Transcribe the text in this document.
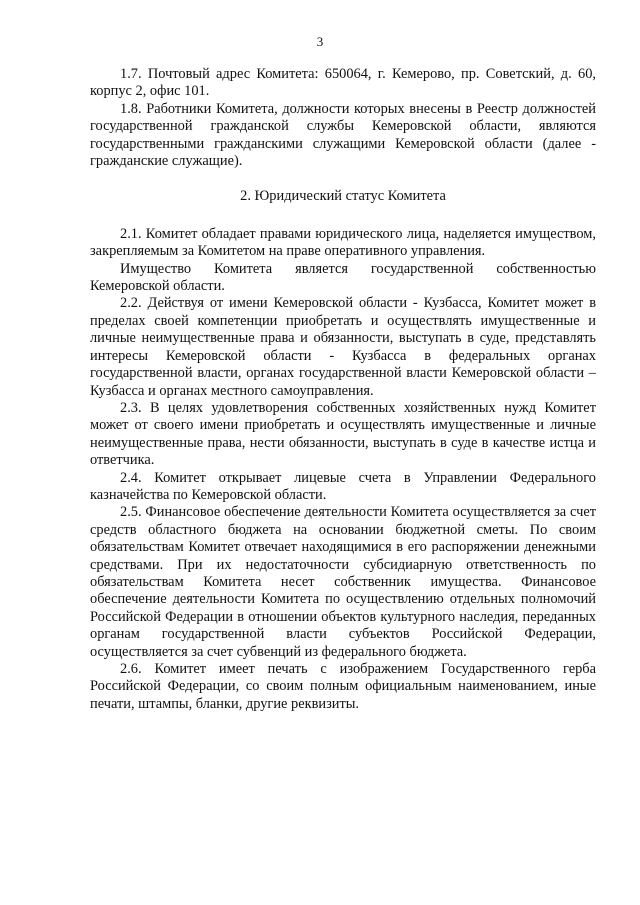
3

1.7. Почтовый адрес Комитета: 650064, г. Кемерово, пр. Советский, д. 60, корпус 2, офис 101.

1.8. Работники Комитета, должности которых внесены в Реестр должностей государственной гражданской службы Кемеровской области, являются государственными гражданскими служащими Кемеровской области (далее - гражданские служащие).

2. Юридический статус Комитета

2.1. Комитет обладает правами юридического лица, наделяется имуществом, закрепляемым за Комитетом на праве оперативного управления.

Имущество Комитета является государственной собственностью Кемеровской области.

2.2. Действуя от имени Кемеровской области - Кузбасса, Комитет может в пределах своей компетенции приобретать и осуществлять имущественные и личные неимущественные права и обязанности, выступать в суде, представлять интересы Кемеровской области - Кузбасса в федеральных органах государственной власти, органах государственной власти Кемеровской области – Кузбасса и органах местного самоуправления.

2.3. В целях удовлетворения собственных хозяйственных нужд Комитет может от своего имени приобретать и осуществлять имущественные и личные неимущественные права, нести обязанности, выступать в суде в качестве истца и ответчика.

2.4. Комитет открывает лицевые счета в Управлении Федерального казначейства по Кемеровской области.

2.5. Финансовое обеспечение деятельности Комитета осуществляется за счет средств областного бюджета на основании бюджетной сметы. По своим обязательствам Комитет отвечает находящимися в его распоряжении денежными средствами. При их недостаточности субсидиарную ответственность по обязательствам Комитета несет собственник имущества. Финансовое обеспечение деятельности Комитета по осуществлению отдельных полномочий Российской Федерации в отношении объектов культурного наследия, переданных органам государственной власти субъектов Российской Федерации, осуществляется за счет субвенций из федерального бюджета.

2.6. Комитет имеет печать с изображением Государственного герба Российской Федерации, со своим полным официальным наименованием, иные печати, штампы, бланки, другие реквизиты.
